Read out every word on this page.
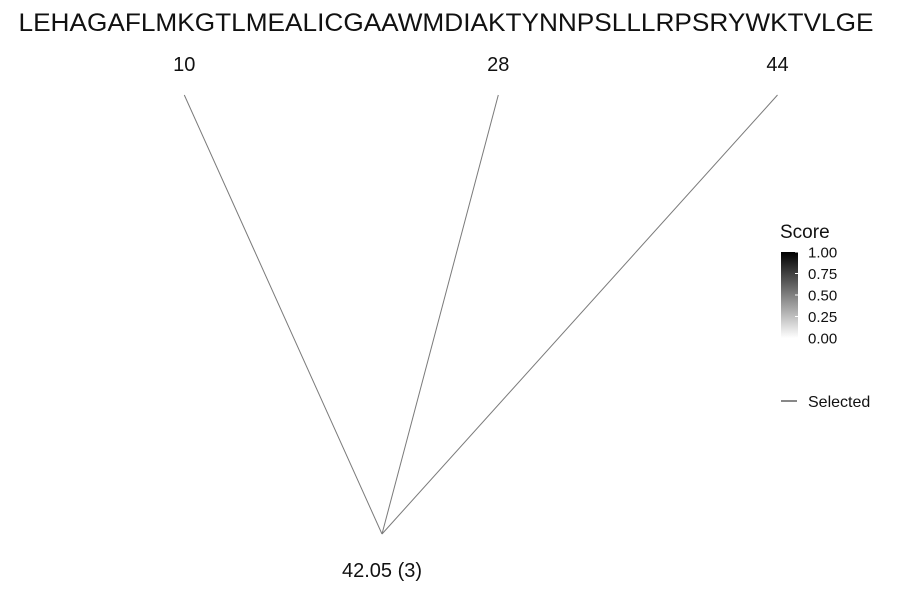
LEHAGAFLMKGTLMEALICGAAWMDIAKTYNNPSLLLRPSRYWKTVLGE
10	28	44
42.05 (3)
Score
1.00
0.75
0.50
0.25
0.00
Selected
